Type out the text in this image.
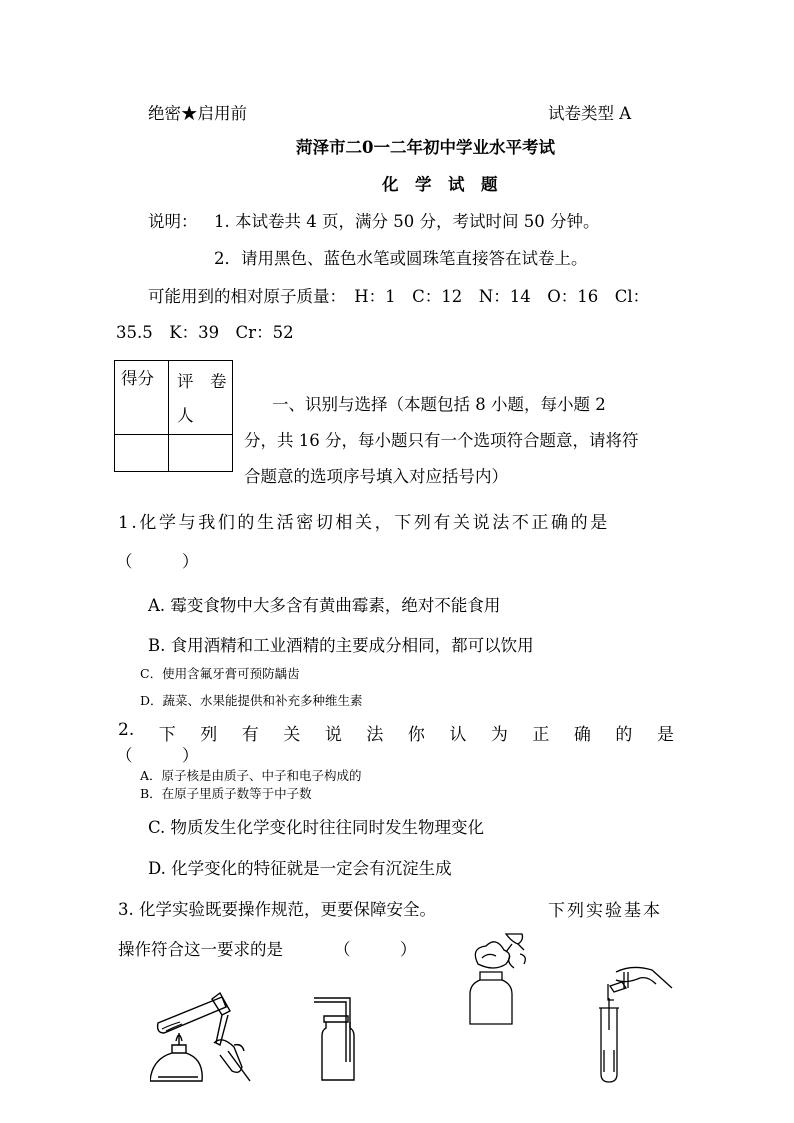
绝密★启用前	试卷类型 A
菏泽市二0一二年初中学业水平考试
化　学　试　题
说明： 1. 本试卷共 4 页，满分 50 分，考试时间 50 分钟。
2．请用黑色、蓝色水笔或圆珠笔直接答在试卷上。
可能用到的相对原子质量：　H：1　C：12　N：14　O：16　Cl：
35.5　K：39　Cr：52
得分	评　卷
人

一、识别与选择（本题包括 8 小题，每小题 2
分，共 16 分，每小题只有一个选项符合题意，请将符
合题意的选项序号填入对应括号内）
1.化学与我们的生活密切相关，下列有关说法不正确的是
（　　　）
A. 霉变食物中大多含有黄曲霉素，绝对不能食用
B. 食用酒精和工业酒精的主要成分相同，都可以饮用
C．使用含氟牙膏可预防龋齿
D．蔬菜、水果能提供和补充多种维生素
2. 下 列 有 关 说 法 你 认 为 正 确 的 是
（　　　）
A．原子核是由质子、中子和电子构成的
B．在原子里质子数等于中子数
C. 物质发生化学变化时往往同时发生物理变化
D. 化学变化的特征就是一定会有沉淀生成
3. 化学实验既要操作规范，更要保障安全。	下列实验基本
操作符合这一要求的是	（　　　）
